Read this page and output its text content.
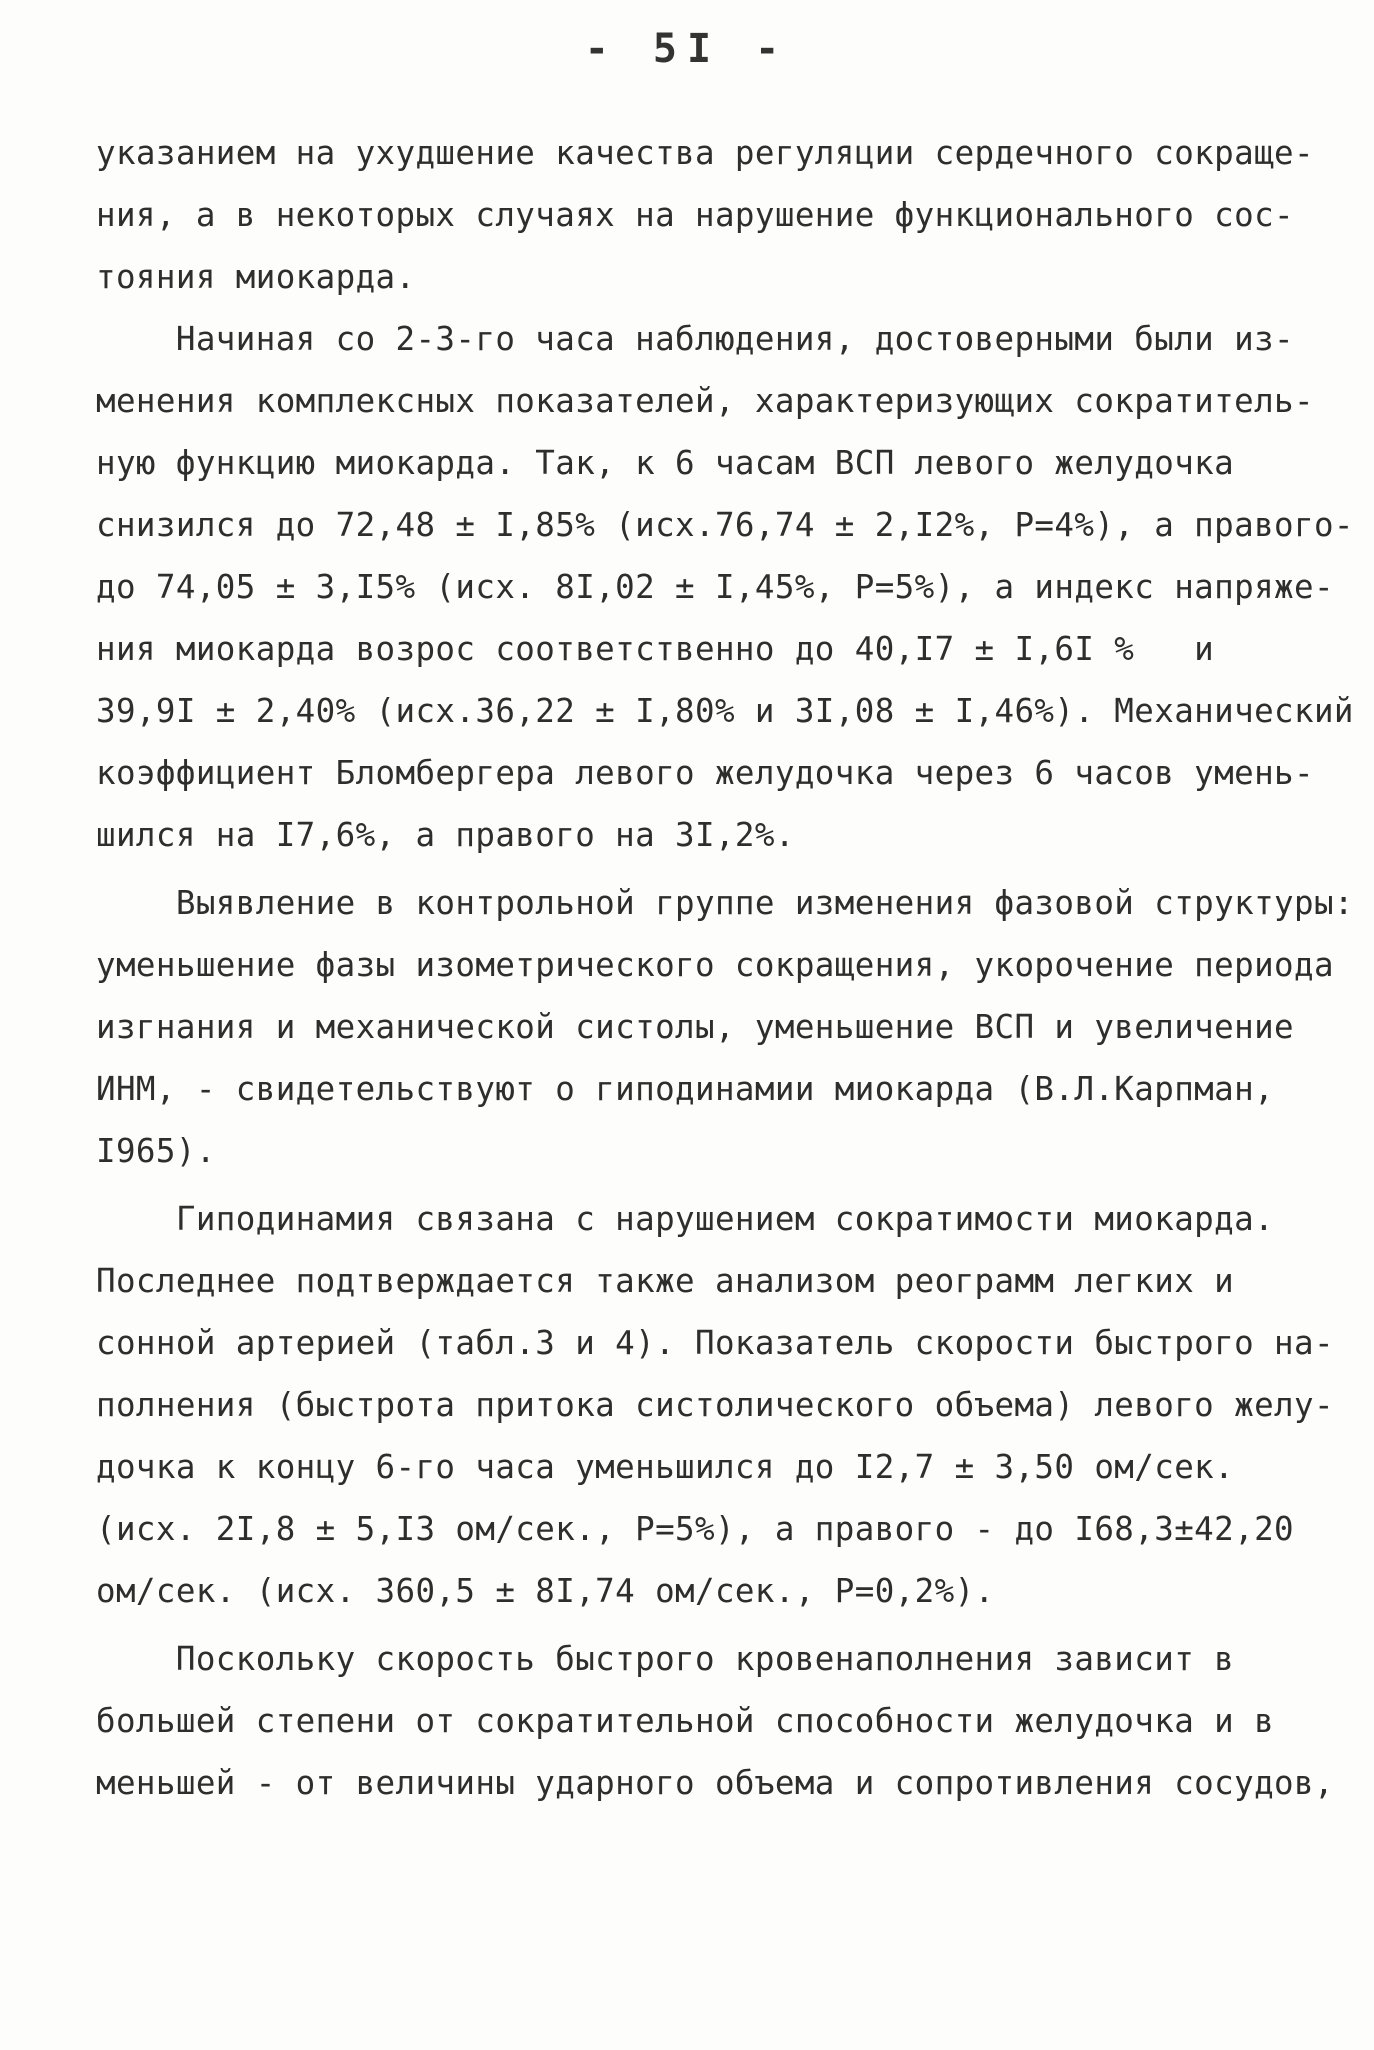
- 5I -
указанием на ухудшение качества регуляции сердечного сокраще-
ния, а в некоторых случаях на нарушение функционального сос-
тояния миокарда.
Начиная со 2-3-го часа наблюдения, достоверными были из-
менения комплексных показателей, характеризующих сократитель-
ную функцию миокарда. Так, к 6 часам ВСП левого желудочка
снизился до 72,48 ± I,85% (исх.76,74 ± 2,I2%, Р=4%), а правого-
до 74,05 ± 3,I5% (исх. 8I,02 ± I,45%, Р=5%), а индекс напряже-
ния миокарда возрос соответственно до 40,I7 ± I,6I %   и
39,9I ± 2,40% (исх.36,22 ± I,80% и 3I,08 ± I,46%). Механический
коэффициент Бломбергера левого желудочка через 6 часов умень-
шился на I7,6%, а правого на 3I,2%.
Выявление в контрольной группе изменения фазовой структуры:
уменьшение фазы изометрического сокращения, укорочение периода
изгнания и механической систолы, уменьшение ВСП и увеличение
ИНМ, - свидетельствуют о гиподинамии миокарда (В.Л.Карпман,
I965).
Гиподинамия связана с нарушением сократимости миокарда.
Последнее подтверждается также анализом реограмм легких и
сонной артерией (табл.3 и 4). Показатель скорости быстрого на-
полнения (быстрота притока систолического объема) левого желу-
дочка к концу 6-го часа уменьшился до I2,7 ± 3,50 ом/сек.
(исх. 2I,8 ± 5,I3 ом/сек., Р=5%), а правого - до I68,3±42,20
ом/сек. (исх. 360,5 ± 8I,74 ом/сек., Р=0,2%).
Поскольку скорость быстрого кровенаполнения зависит в
большей степени от сократительной способности желудочка и в
меньшей - от величины ударного объема и сопротивления сосудов,
